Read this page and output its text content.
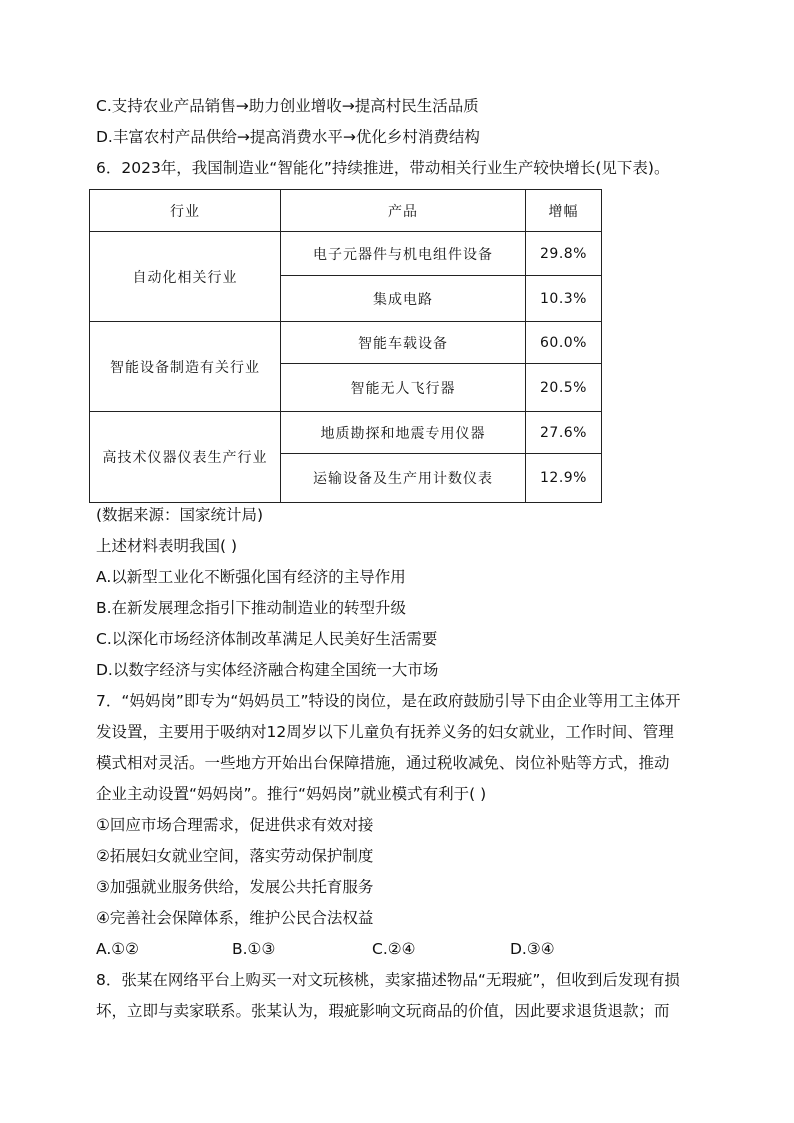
C.支持农业产品销售→助力创业增收→提高村民生活品质
D.丰富农村产品供给→提高消费水平→优化乡村消费结构
6．2023年，我国制造业“智能化”持续推进，带动相关行业生产较快增长(见下表)。
行业	产品	增幅
自动化相关行业	电子元器件与机电组件设备	29.8%
	集成电路	10.3%
智能设备制造有关行业	智能车载设备	60.0%
	智能无人飞行器	20.5%
高技术仪器仪表生产行业	地质勘探和地震专用仪器	27.6%
	运输设备及生产用计数仪表	12.9%
(数据来源：国家统计局)
上述材料表明我国( )
A.以新型工业化不断强化国有经济的主导作用
B.在新发展理念指引下推动制造业的转型升级
C.以深化市场经济体制改革满足人民美好生活需要
D.以数字经济与实体经济融合构建全国统一大市场
7．“妈妈岗”即专为“妈妈员工”特设的岗位，是在政府鼓励引导下由企业等用工主体开
发设置，主要用于吸纳对12周岁以下儿童负有抚养义务的妇女就业，工作时间、管理
模式相对灵活。一些地方开始出台保障措施，通过税收减免、岗位补贴等方式，推动
企业主动设置“妈妈岗”。推行“妈妈岗”就业模式有利于( )
①回应市场合理需求，促进供求有效对接
②拓展妇女就业空间，落实劳动保护制度
③加强就业服务供给，发展公共托育服务
④完善社会保障体系，维护公民合法权益
A.①②	B.①③	C.②④	D.③④
8．张某在网络平台上购买一对文玩核桃，卖家描述物品“无瑕疵”，但收到后发现有损
坏，立即与卖家联系。张某认为，瑕疵影响文玩商品的价值，因此要求退货退款；而
